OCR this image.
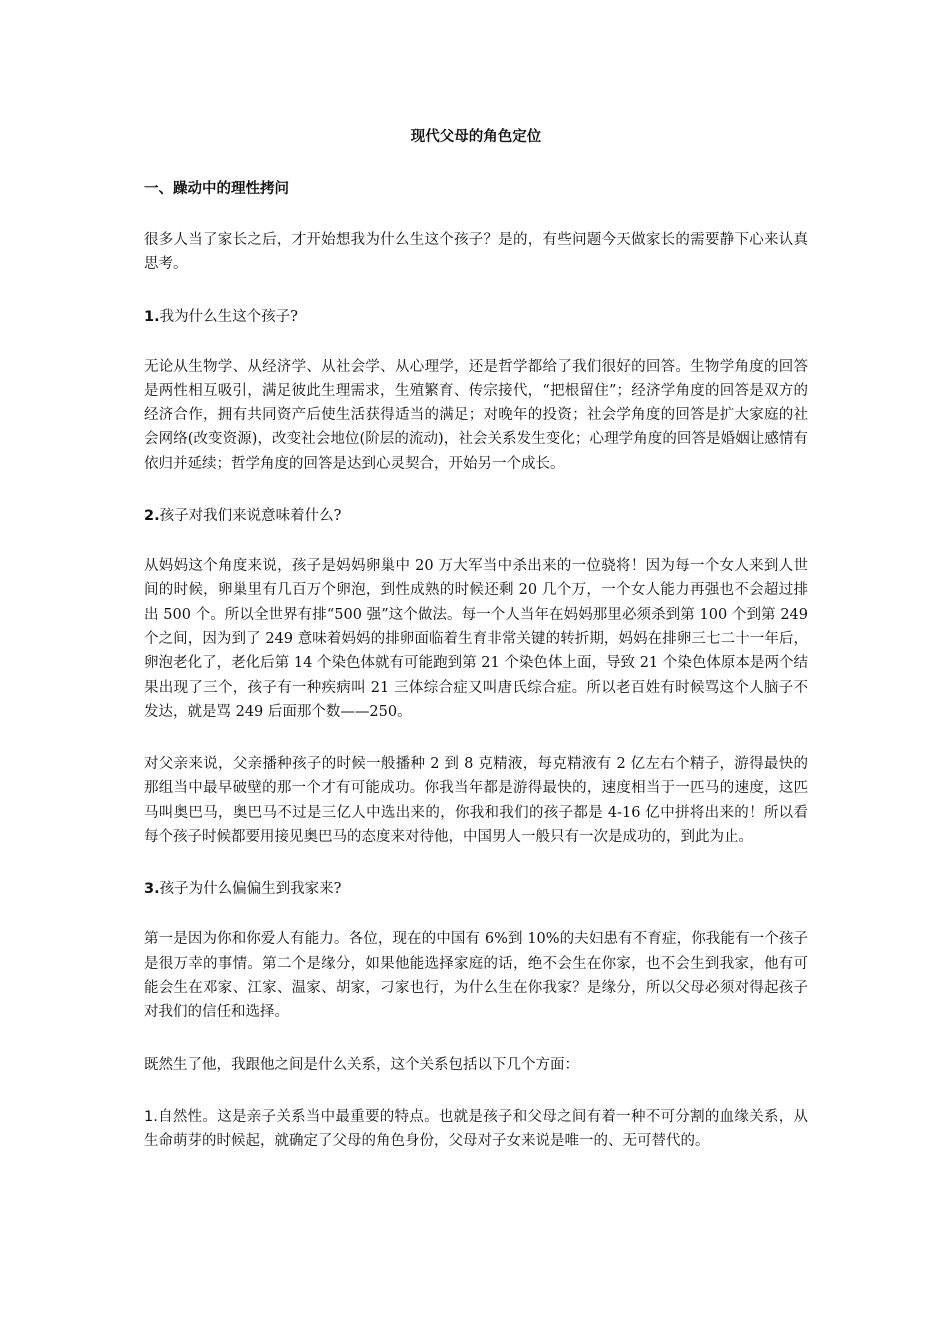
现代父母的角色定位
一、躁动中的理性拷问
很多人当了家长之后，才开始想我为什么生这个孩子？是的，有些问题今天做家长的需要静下心来认真思考。
1.我为什么生这个孩子?
无论从生物学、从经济学、从社会学、从心理学，还是哲学都给了我们很好的回答。生物学角度的回答是两性相互吸引，满足彼此生理需求，生殖繁育、传宗接代，“把根留住”；经济学角度的回答是双方的经济合作，拥有共同资产后使生活获得适当的满足；对晚年的投资；社会学角度的回答是扩大家庭的社会网络(改变资源)，改变社会地位(阶层的流动)，社会关系发生变化；心理学角度的回答是婚姻让感情有依归并延续；哲学角度的回答是达到心灵契合，开始另一个成长。
2.孩子对我们来说意味着什么?
从妈妈这个角度来说，孩子是妈妈卵巢中 20 万大军当中杀出来的一位骁将！因为每一个女人来到人世间的时候，卵巢里有几百万个卵泡，到性成熟的时候还剩 20 几个万，一个女人能力再强也不会超过排出 500 个。所以全世界有排“500 强”这个做法。每一个人当年在妈妈那里必须杀到第 100 个到第 249 个之间，因为到了 249 意味着妈妈的排卵面临着生育非常关键的转折期，妈妈在排卵三七二十一年后，卵泡老化了，老化后第 14 个染色体就有可能跑到第 21 个染色体上面，导致 21 个染色体原本是两个结果出现了三个，孩子有一种疾病叫 21 三体综合症又叫唐氏综合症。所以老百姓有时候骂这个人脑子不发达，就是骂 249 后面那个数——250。
对父亲来说，父亲播种孩子的时候一般播种 2 到 8 克精液，每克精液有 2 亿左右个精子，游得最快的那组当中最早破壁的那一个才有可能成功。你我当年都是游得最快的，速度相当于一匹马的速度，这匹马叫奥巴马，奥巴马不过是三亿人中选出来的，你我和我们的孩子都是 4-16 亿中拼将出来的！所以看每个孩子时候都要用接见奥巴马的态度来对待他，中国男人一般只有一次是成功的，到此为止。
3.孩子为什么偏偏生到我家来?
第一是因为你和你爱人有能力。各位，现在的中国有 6%到 10%的夫妇患有不育症，你我能有一个孩子是很万幸的事情。第二个是缘分，如果他能选择家庭的话，绝不会生在你家，也不会生到我家，他有可能会生在邓家、江家、温家、胡家，刁家也行，为什么生在你我家？是缘分，所以父母必须对得起孩子对我们的信任和选择。
既然生了他，我跟他之间是什么关系，这个关系包括以下几个方面：
1.自然性。这是亲子关系当中最重要的特点。也就是孩子和父母之间有着一种不可分割的血缘关系，从生命萌芽的时候起，就确定了父母的角色身份，父母对子女来说是唯一的、无可替代的。
